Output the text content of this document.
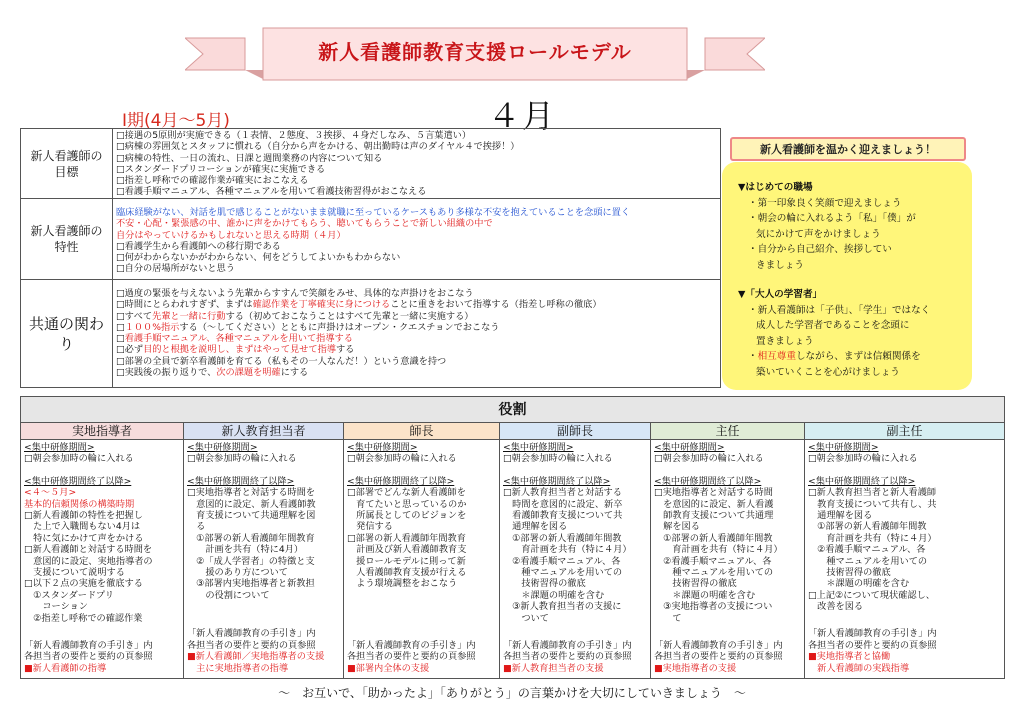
新人看護師教育支援ロールモデル
Ⅰ期(4月～5月)	４月
新人看護師の目標
□接遇の5原則が実施できる（１表情、２態度、３挨拶、４身だしなみ、５言葉遣い）
□病棟の雰囲気とスタッフに慣れる（自分から声をかける、朝出勤時は声のダイヤル４で挨拶！）
□病棟の特性、一日の流れ、日課と週間業務の内容について知る
□スタンダードプリコーションが確実に実施できる
□指差し呼称での確認作業が確実におこなえる
□看護手順マニュアル、各種マニュアルを用いて看護技術習得がおこなえる
新人看護師の特性
臨床経験がない、対話を肌で感じることがないまま就職に至っているケースもあり多様な不安を抱えていることを念頭に置く
不安・心配・緊張感の中、誰かに声をかけてもらう、聴いてもらうことで新しい組織の中で
自分はやっていけるかもしれないと思える時期（４月）
□看護学生から看護師への移行期である
□何がわからないかがわからない、何をどうしてよいかもわからない
□自分の居場所がないと思う
共通の関わり
□過度の緊張を与えないよう先輩からすすんで笑顔をみせ、具体的な声掛けをおこなう
□時間にとらわれすぎず、まずは確認作業を丁寧確実に身につけることに重きをおいて指導する（指差し呼称の徹底）
□すべて先輩と一緒に行動する（初めておこなうことはすべて先輩と一緒に実施する）
□１００%指示する（～してください）とともに声掛けはオープン・クエスチョンでおこなう
□看護手順マニュアル、各種マニュアルを用いて指導する
□必ず目的と根拠を説明し、まずはやって見せて指導する
□部署の全員で新卒看護師を育てる（私もその一人なんだ！）という意識を持つ
□実践後の振り返りで、次の課題を明確にする
▼はじめての職場
・第一印象良く笑顔で迎えましょう
・朝会の輪に入れるよう「私」「僕」が
気にかけて声をかけましょう
・自分から自己紹介、挨拶してい
きましょう
▼「大人の学習者」
・新人看護師は「子供」、「学生」ではなく
成人した学習者であることを念頭に
置きましょう
・相互尊重しながら、まずは信頼関係を
築いていくことを心がけましょう
新人看護師を温かく迎えましょう！
役割
実地指導者
<集中研修期間>
□朝会参加時の輪に入れる
<集中研修期間終了以降>
<４～５月>
基本的信頼関係の構築時期
□新人看護師の特性を把握し
　た上で入職間もない4月は
　特に気にかけて声をかける
□新人看護師と対話する時間を
　意図的に設定、実地指導者の
　支援について説明する
□以下２点の実施を徹底する
　①スタンダードプリ
　　コーション
　②指差し呼称での確認作業
「新人看護師教育の手引き」内
各担当者の要件と要約の頁参照
■新人看護師の指導
新人教育担当者
<集中研修期間>
□朝会参加時の輪に入れる
<集中研修期間終了以降>
□実地指導者と対話する時間を
　意図的に設定、新人看護師教
　育支援について共通理解を図
　る
　①部署の新人看護師年間教育
　　計画を共有（特に4月）
　②「成人学習者」の特徴と支
　　援のあり方について
　③部署内実地指導者と新教担
　　の役割について
「新人看護師教育の手引き」内
各担当者の要件と要約の頁参照
■新人看護師／実地指導者の支援
　主に実地指導者の指導
師長
<集中研修期間>
□朝会参加時の輪に入れる
<集中研修期間終了以降>
□部署でどんな新人看護師を
　育てたいと思っているのか
　所属長としてのビジョンを
　発信する
□部署の新人看護師年間教育
　計画及び新人看護師教育支
　援ロールモデルに則って新
　人看護師教育支援が行える
　よう環境調整をおこなう
「新人看護師教育の手引き」内
各担当者の要件と要約の頁参照
■部署内全体の支援
副師長
<集中研修期間>
□朝会参加時の輪に入れる
<集中研修期間終了以降>
□新人教育担当者と対話する
　時間を意図的に設定、新卒
　看護師教育支援について共
　通理解を図る
　①部署の新人看護師年間教
　　育計画を共有（特に４月）
　②看護手順マニュアル、各
　　種マニュアルを用いての
　　技術習得の徹底
　　＊課題の明確を含む
　③新人教育担当者の支援に
　　ついて
「新人看護師教育の手引き」内
各担当者の要件と要約の頁参照
■新人教育担当者の支援
主任
<集中研修期間>
□朝会参加時の輪に入れる
<集中研修期間終了以降>
□実地指導者と対話する時間
　を意図的に設定、新人看護
　師教育支援について共通理
　解を図る
　①部署の新人看護師年間教
　　育計画を共有（特に４月）
　②看護手順マニュアル、各
　　種マニュアルを用いての
　　技術習得の徹底
　　＊課題の明確を含む
　③実地指導者の支援につい
　　て
「新人看護師教育の手引き」内
各担当者の要件と要約の頁参照
■実地指導者の支援
副主任
<集中研修期間>
□朝会参加時の輪に入れる
<集中研修期間終了以降>
□新人教育担当者と新人看護師
　教育支援について共有し、共
　通理解を図る
　①部署の新人看護師年間教
　　育計画を共有（特に４月）
　②看護手順マニュアル、各
　　種マニュアルを用いての
　　技術習得の徹底
　　＊課題の明確を含む
□上記②について現状確認し、
　改善を図る
「新人看護師教育の手引き」内
各担当者の要件と要約の頁参照
■実地指導者と協働
　新人看護師の実践指導
～　お互いで、「助かったよ」「ありがとう」の言葉かけを大切にしていきましょう　～
